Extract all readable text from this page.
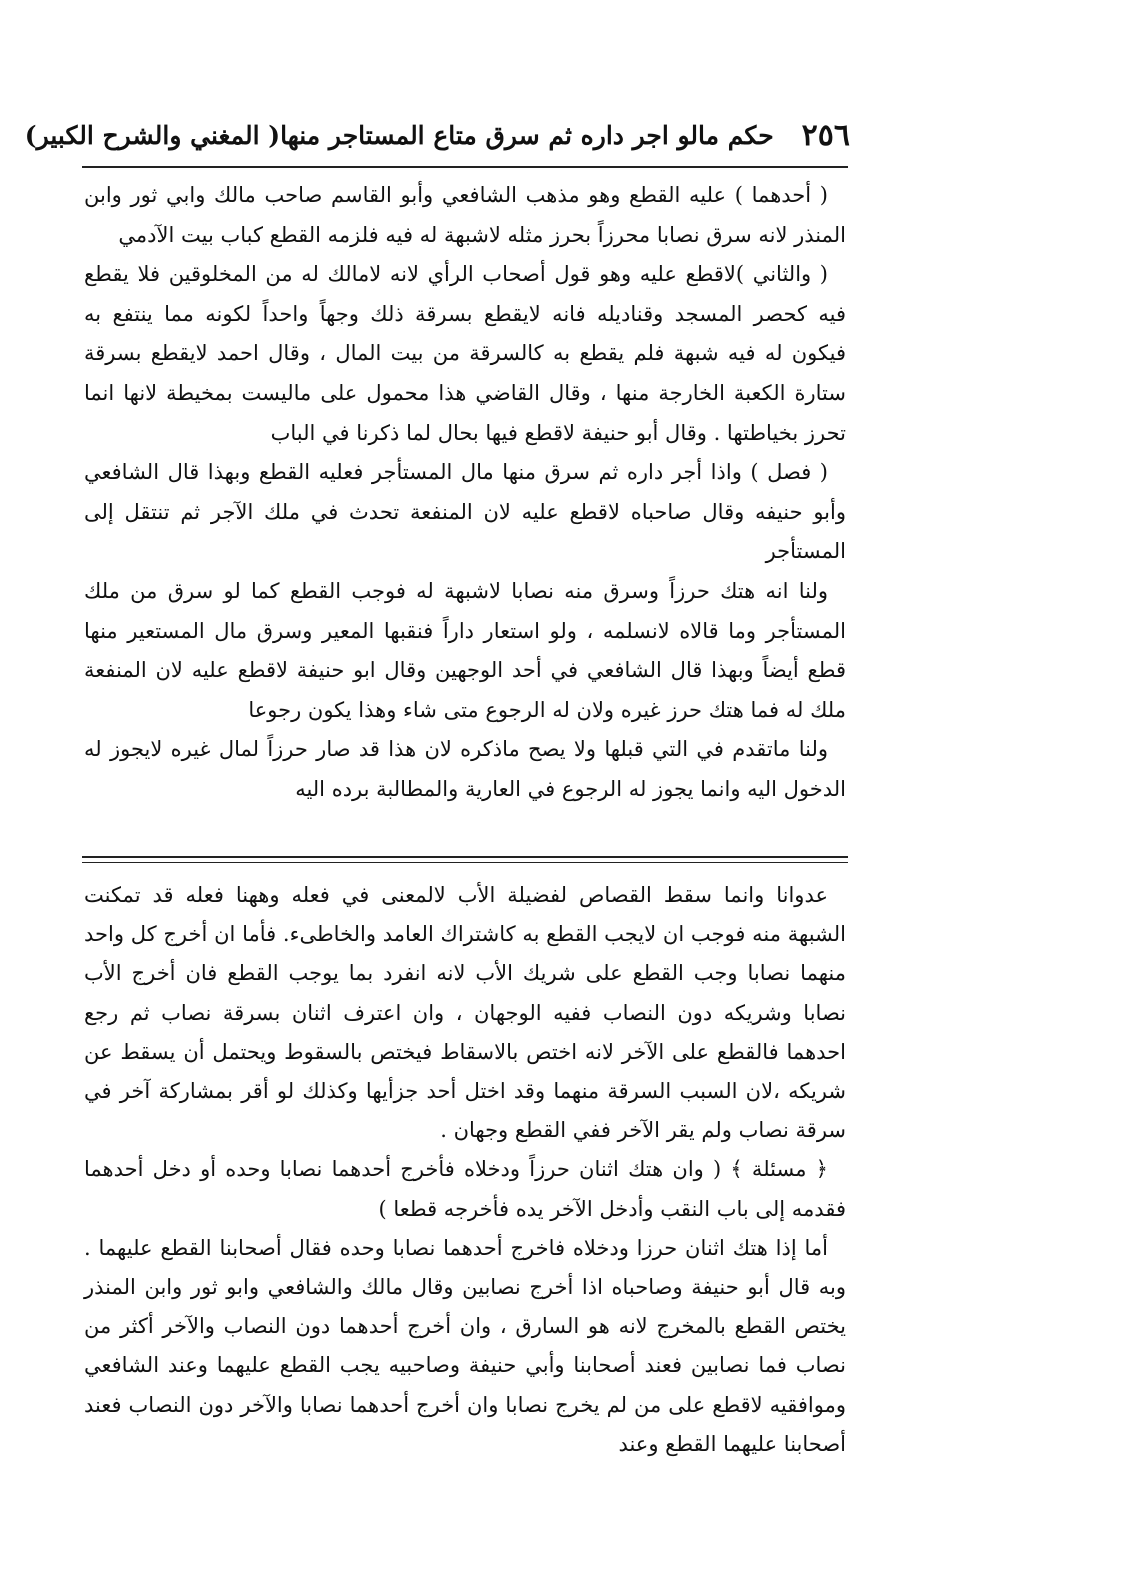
٢٥٦
حكم مالو اجر داره ثم سرق متاع المستاجر منها
( المغني والشرح الكبير)

( أحدهما ) عليه القطع وهو مذهب الشافعي وأبو القاسم صاحب مالك وابي ثور وابن المنذر لانه سرق نصابا محرزاً بحرز مثله لاشبهة له فيه فلزمه القطع كباب بيت الآدمي

( والثاني )لاقطع عليه وهو قول أصحاب الرأي لانه لامالك له من المخلوقين فلا يقطع فيه كحصر المسجد وقناديله فانه لايقطع بسرقة ذلك وجهاً واحداً لكونه مما ينتفع به فيكون له فيه شبهة فلم يقطع به كالسرقة من بيت المال ، وقال احمد لايقطع بسرقة ستارة الكعبة الخارجة منها ، وقال القاضي هذا محمول على ماليست بمخيطة لانها انما تحرز بخياطتها . وقال أبو حنيفة لاقطع فيها بحال لما ذكرنا في الباب

( فصل ) واذا أجر داره ثم سرق منها مال المستأجر فعليه القطع وبهذا قال الشافعي وأبو حنيفه وقال صاحباه لاقطع عليه لان المنفعة تحدث في ملك الآجر ثم تنتقل إلى المستأجر

ولنا انه هتك حرزاً وسرق منه نصابا لاشبهة له فوجب القطع كما لو سرق من ملك المستأجر وما قالاه لانسلمه ، ولو استعار داراً فنقبها المعير وسرق مال المستعير منها قطع أيضاً وبهذا قال الشافعي في أحد الوجهين وقال ابو حنيفة لاقطع عليه لان المنفعة ملك له فما هتك حرز غيره ولان له الرجوع متى شاء وهذا يكون رجوعا

ولنا ماتقدم في التي قبلها ولا يصح ماذكره لان هذا قد صار حرزاً لمال غيره لايجوز له الدخول اليه وانما يجوز له الرجوع في العارية والمطالبة برده اليه

عدوانا وانما سقط القصاص لفضيلة الأب لالمعنى في فعله وههنا فعله قد تمكنت الشبهة منه فوجب ان لايجب القطع به كاشتراك العامد والخاطىء. فأما ان أخرج كل واحد منهما نصابا وجب القطع على شريك الأب لانه انفرد بما يوجب القطع فان أخرج الأب نصابا وشريكه دون النصاب ففيه الوجهان ، وان اعترف اثنان بسرقة نصاب ثم رجع احدهما فالقطع على الآخر لانه اختص بالاسقاط فيختص بالسقوط ويحتمل أن يسقط عن شريكه ،لان السبب السرقة منهما وقد اختل أحد جزأيها وكذلك لو أقر بمشاركة آخر في سرقة نصاب ولم يقر الآخر ففي القطع وجهان .

﴿ مسئلة ﴾ ( وان هتك اثنان حرزاً ودخلاه فأخرج أحدهما نصابا وحده أو دخل أحدهما فقدمه إلى باب النقب وأدخل الآخر يده فأخرجه قطعا )

أما إذا هتك اثنان حرزا ودخلاه فاخرج أحدهما نصابا وحده فقال أصحابنا القطع عليهما . وبه قال أبو حنيفة وصاحباه اذا أخرج نصابين وقال مالك والشافعي وابو ثور وابن المنذر يختص القطع بالمخرج لانه هو السارق ، وان أخرج أحدهما دون النصاب والآخر أكثر من نصاب فما نصابين فعند أصحابنا وأبي حنيفة وصاحبيه يجب القطع عليهما وعند الشافعي وموافقيه لاقطع على من لم يخرج نصابا وان أخرج أحدهما نصابا والآخر دون النصاب فعند أصحابنا عليهما القطع وعند
